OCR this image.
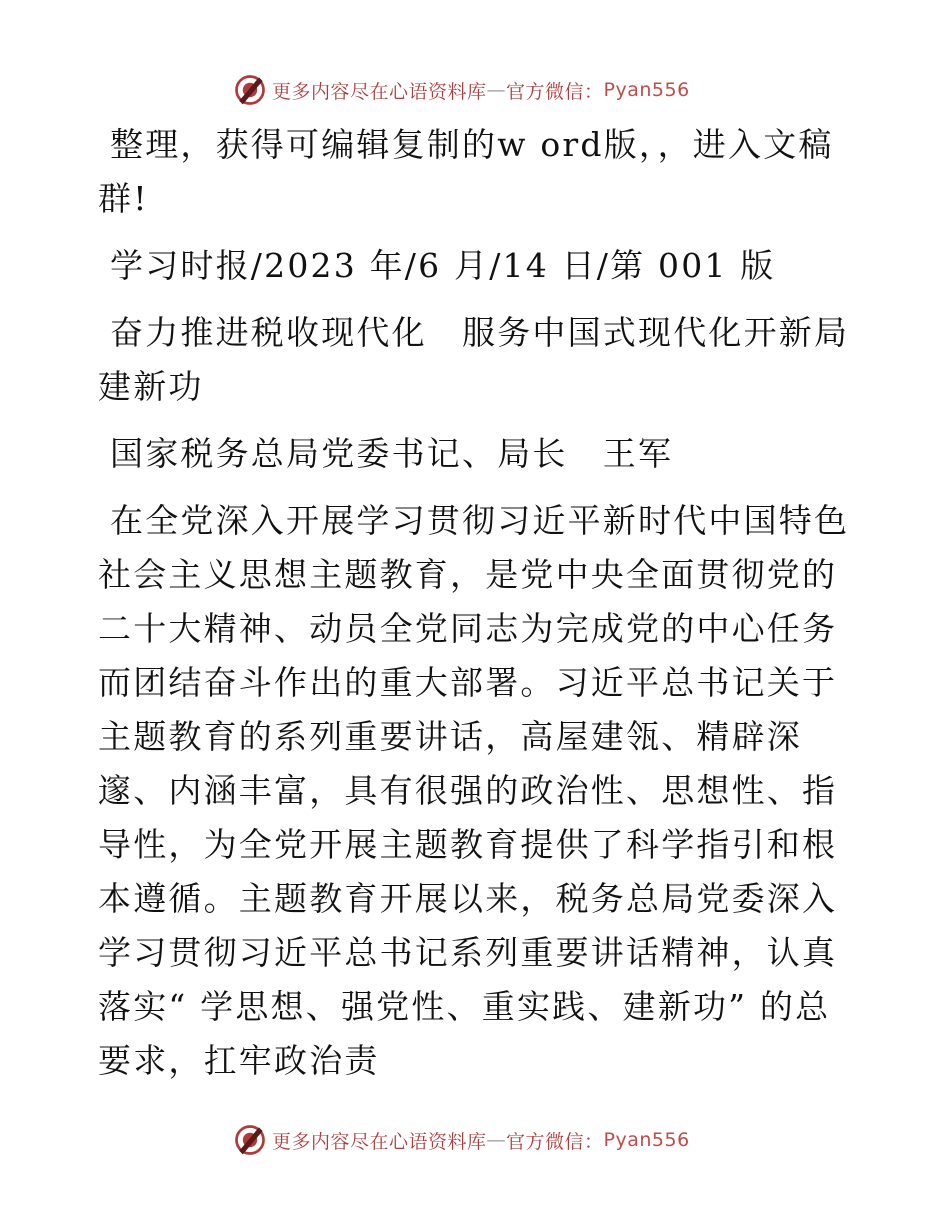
更多内容尽在心语资料库 — 官方微信： Pyan556

整理，获得可编辑复制的w ord版，，进入文稿群!

学习时报/2023 年/6 月/14 日/第 001 版

奋力推进税收现代化　服务中国式现代化开新局建新功

国家税务总局党委书记、局长　王军

在全党深入开展学习贯彻习近平新时代中国特色社会主义思想主题教育，是党中央全面贯彻党的二十大精神、动员全党同志为完成党的中心任务而团结奋斗作出的重大部署。习近平总书记关于主题教育的系列重要讲话，高屋建瓴、精辟深邃、内涵丰富，具有很强的政治性、思想性、指导性，为全党开展主题教育提供了科学指引和根本遵循。主题教育开展以来，税务总局党委深入学习贯彻习近平总书记系列重要讲话精神，认真落实“ 学思想、强党性、重实践、建新功” 的总要求，扛牢政治责

更多内容尽在心语资料库 — 官方微信： Pyan556
